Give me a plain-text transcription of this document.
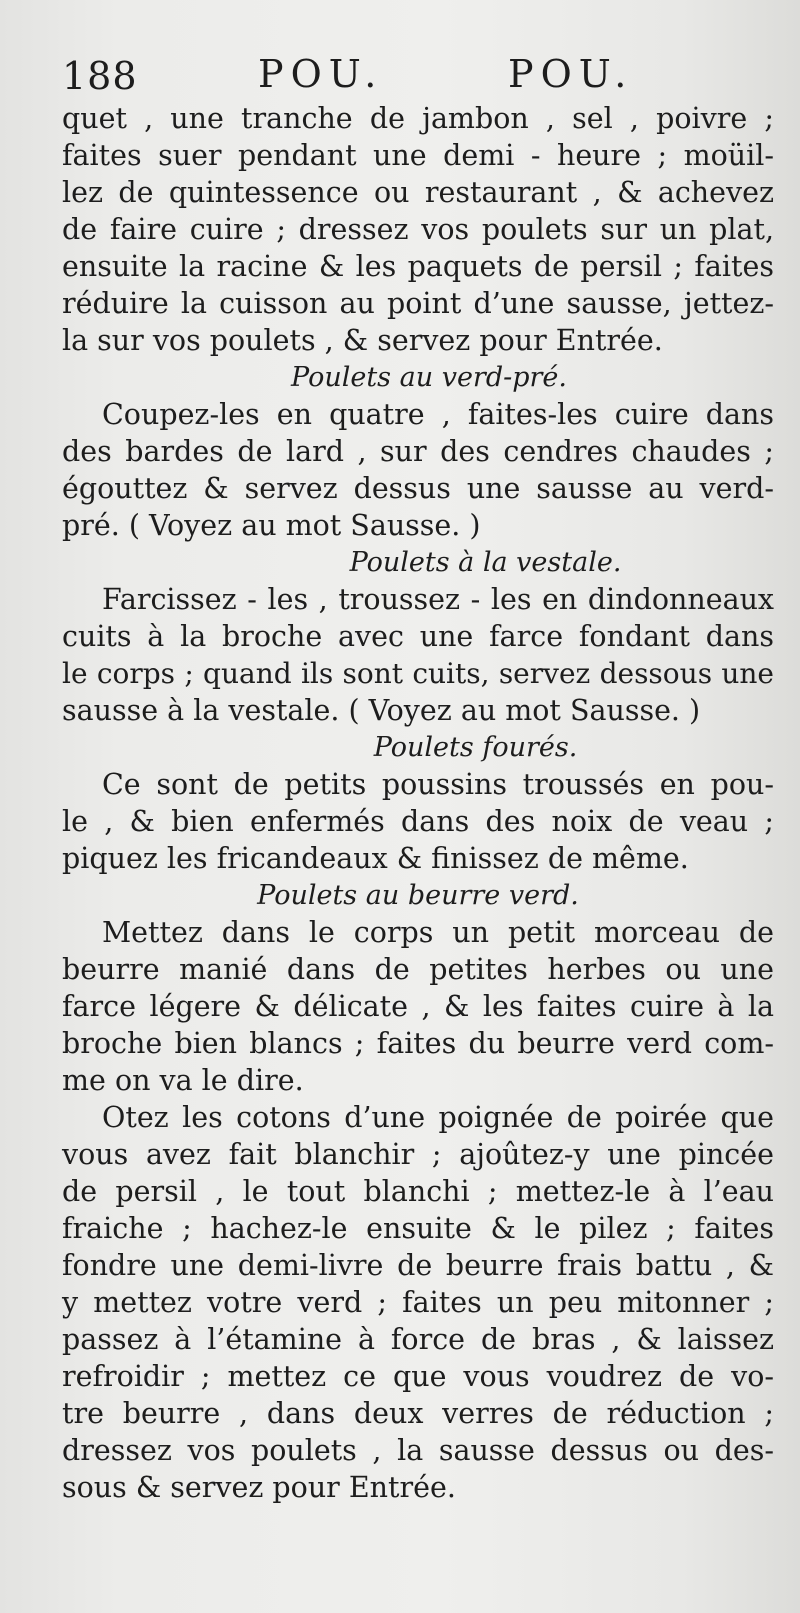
188	POU.	POU.
quet , une tranche de jambon , sel , poivre ;
faites suer pendant une demi - heure ; moüil-
lez de quintessence ou restaurant , & achevez
de faire cuire ; dressez vos poulets sur un plat,
ensuite la racine & les paquets de persil ; faites
réduire la cuisson au point d’une sausse, jettez-
la sur vos poulets , & servez pour Entrée.
Poulets au verd-pré.
Coupez-les en quatre , faites-les cuire dans
des bardes de lard , sur des cendres chaudes ;
égouttez & servez dessus une sausse au verd-
pré. ( Voyez au mot Sausse. )
Poulets à la vestale.
Farcissez - les , troussez - les en dindonneaux
cuits à la broche avec une farce fondant dans
le corps ; quand ils sont cuits, servez dessous une
sausse à la vestale. ( Voyez au mot Sausse. )
Poulets fourés.
Ce sont de petits poussins troussés en pou-
le , & bien enfermés dans des noix de veau ;
piquez les fricandeaux & finissez de même.
Poulets au beurre verd.
Mettez dans le corps un petit morceau de
beurre manié dans de petites herbes ou une
farce légere & délicate , & les faites cuire à la
broche bien blancs ; faites du beurre verd com-
me on va le dire.
Otez les cotons d’une poignée de poirée que
vous avez fait blanchir ; ajoûtez-y une pincée
de persil , le tout blanchi ; mettez-le à l’eau
fraiche ; hachez-le ensuite & le pilez ; faites
fondre une demi-livre de beurre frais battu , &
y mettez votre verd ; faites un peu mitonner ;
passez à l’étamine à force de bras , & laissez
refroidir ; mettez ce que vous voudrez de vo-
tre beurre , dans deux verres de réduction ;
dressez vos poulets , la sausse dessus ou des-
sous & servez pour Entrée.
